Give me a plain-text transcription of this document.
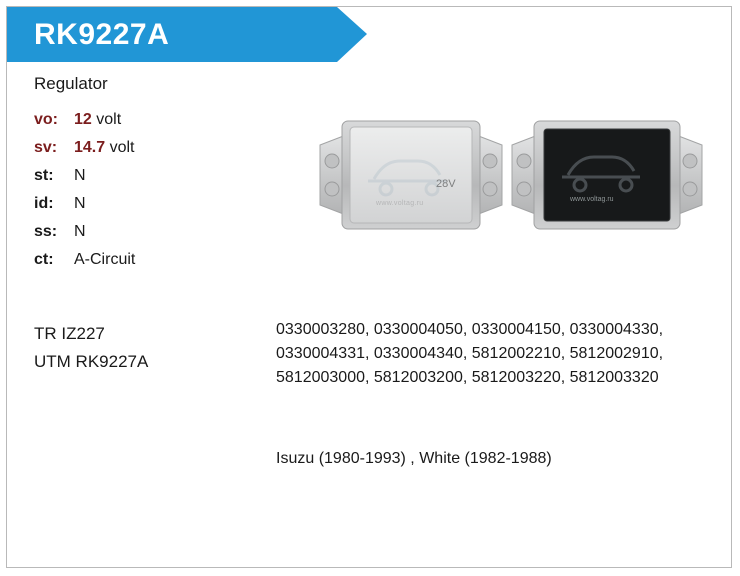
RK9227A
Regulator
vo:	12 volt
sv:	14.7 volt
st:	N
id:	N
ss:	N
ct:	A-Circuit
TR IZ227
UTM RK9227A
0330003280, 0330004050, 0330004150, 0330004330, 0330004331, 0330004340, 5812002210, 5812002910, 5812003000, 5812003200, 5812003220, 5812003320
Isuzu (1980-1993) , White (1982-1988)
www.voltag.ru
28V
www.voltag.ru
